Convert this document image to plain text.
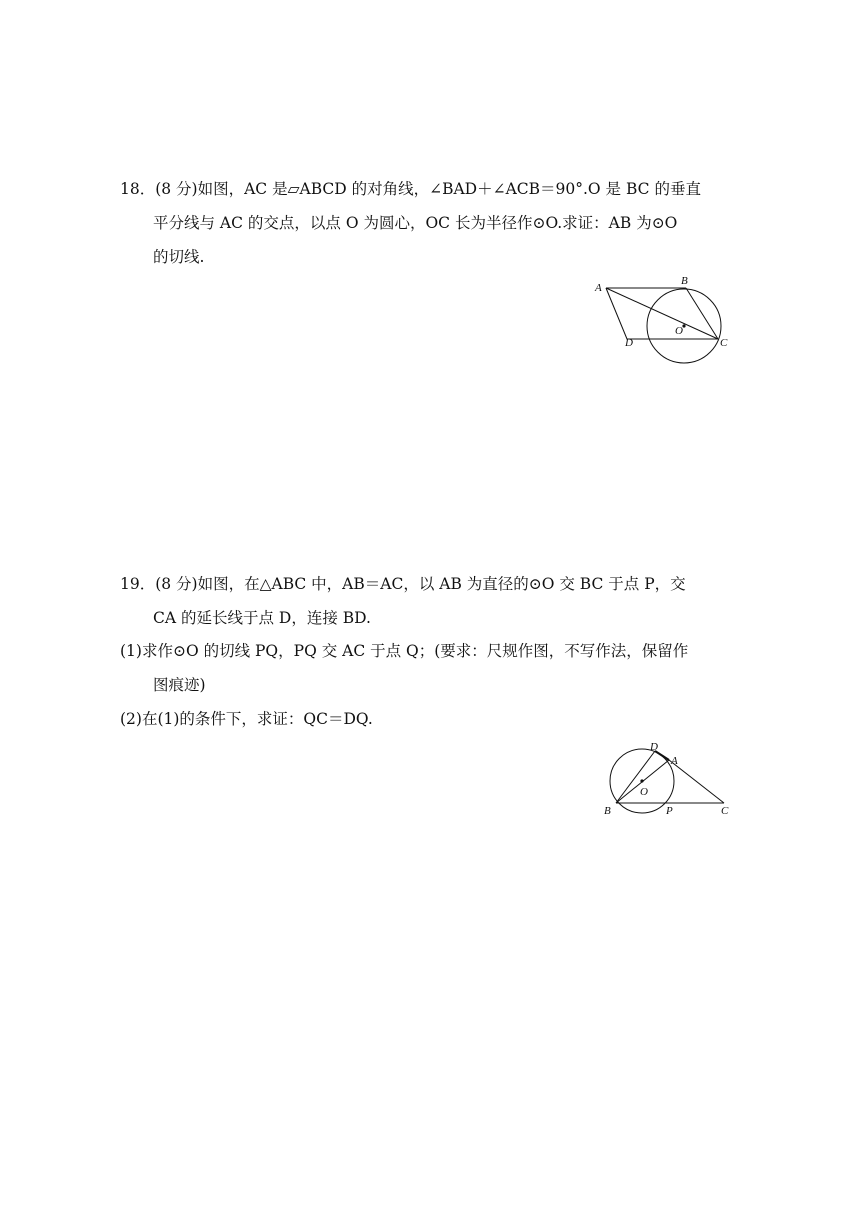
18．(8 分)如图，AC 是▱ABCD 的对角线，∠BAD＋∠ACB＝90°.O 是 BC 的垂直
平分线与 AC 的交点，以点 O 为圆心，OC 长为半径作⊙O.求证：AB 为⊙O
的切线.
A
B
O
D	C
19．(8 分)如图，在△ABC 中，AB＝AC，以 AB 为直径的⊙O 交 BC 于点 P，交
CA 的延长线于点 D，连接 BD.
(1)求作⊙O 的切线 PQ，PQ 交 AC 于点 Q；(要求：尺规作图，不写作法，保留作
图痕迹)
(2)在(1)的条件下，求证：QC＝DQ.
D
A
O
B	P	C
